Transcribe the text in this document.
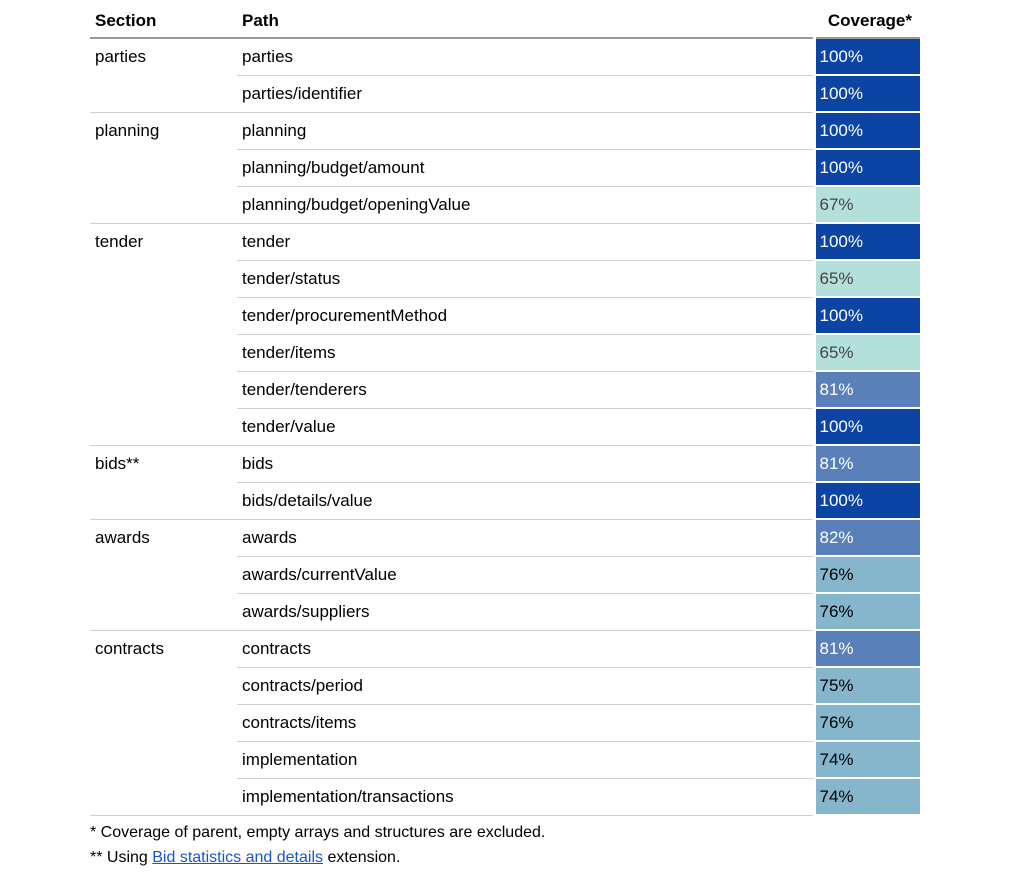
Section	Path	Coverage*
parties	parties	100%
	parties/identifier	100%
planning	planning	100%
	planning/budget/amount	100%
	planning/budget/openingValue	67%
tender	tender	100%
	tender/status	65%
	tender/procurementMethod	100%
	tender/items	65%
	tender/tenderers	81%
	tender/value	100%
bids**	bids	81%
	bids/details/value	100%
awards	awards	82%
	awards/currentValue	76%
	awards/suppliers	76%
contracts	contracts	81%
	contracts/period	75%
	contracts/items	76%
	implementation	74%
	implementation/transactions	74%
* Coverage of parent, empty arrays and structures are excluded.
** Using Bid statistics and details extension.
